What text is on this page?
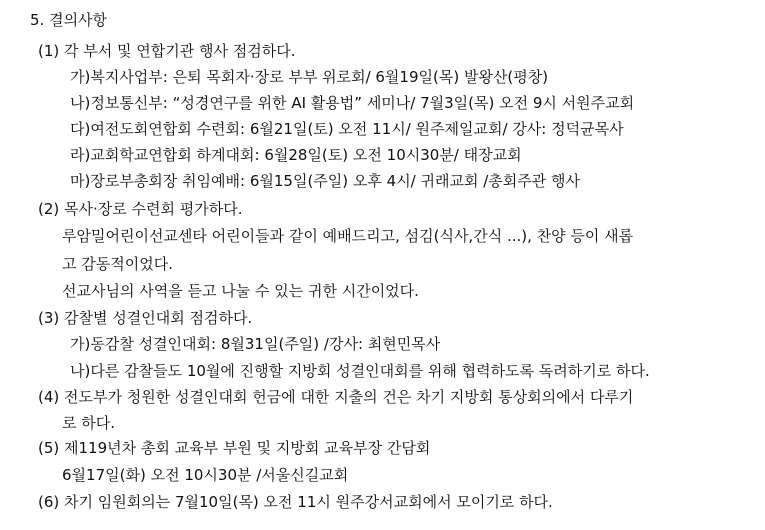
5. 결의사항
(1) 각 부서 및 연합기관 행사 점검하다.
가)복지사업부: 은퇴 목회자·장로 부부 위로회/ 6월19일(목) 발왕산(평창)
나)정보통신부: “성경연구를 위한 AI 활용법” 세미나/ 7월3일(목) 오전 9시 서원주교회
다)여전도회연합회 수련회: 6월21일(토) 오전 11시/ 원주제일교회/ 강사: 정덕균목사
라)교회학교연합회 하계대회: 6월28일(토) 오전 10시30분/ 태장교회
마)장로부총회장 취임예배: 6월15일(주일) 오후 4시/ 귀래교회 /총회주관 행사
(2) 목사·장로 수련회 평가하다.
루암밀어린이선교센타 어린이들과 같이 예배드리고, 섬김(식사,간식 ...), 찬양 등이 새롭
고 감동적이었다.
선교사님의 사역을 듣고 나눌 수 있는 귀한 시간이었다.
(3) 감찰별 성결인대회 점검하다.
가)동감찰 성결인대회: 8월31일(주일) /강사: 최현민목사
나)다른 감찰들도 10월에 진행할 지방회 성결인대회를 위해 협력하도록 독려하기로 하다.
(4) 전도부가 청원한 성결인대회 헌금에 대한 지출의 건은 차기 지방회 통상회의에서 다루기
로 하다.
(5) 제119년차 총회 교육부 부원 및 지방회 교육부장 간담회
6월17일(화) 오전 10시30분 /서울신길교회
(6) 차기 임원회의는 7월10일(목) 오전 11시 원주강서교회에서 모이기로 하다.
